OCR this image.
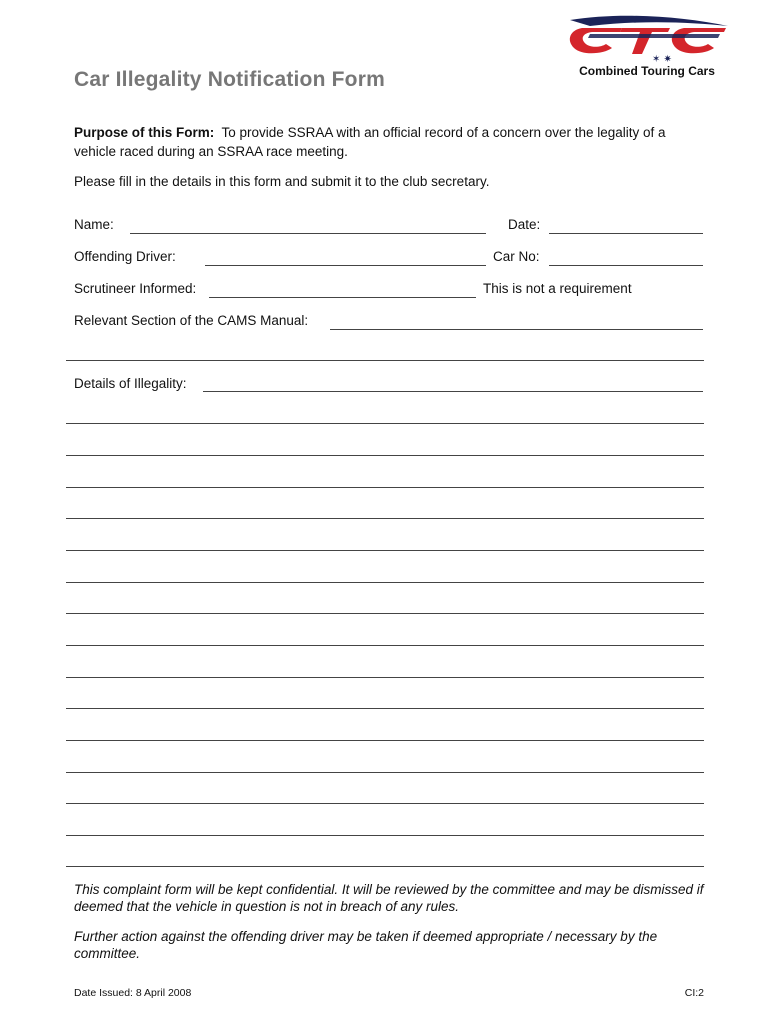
Car Illegality Notification Form
✶ ✷
Combined Touring Cars
Purpose of this Form: To provide SSRAA with an official record of a concern over the legality of a vehicle raced during an SSRAA race meeting.
Please fill in the details in this form and submit it to the club secretary.
Name:	Date:
Offending Driver:	Car No:
Scrutineer Informed:	This is not a requirement
Relevant Section of the CAMS Manual:
Details of Illegality:
This complaint form will be kept confidential. It will be reviewed by the committee and may be dismissed if deemed that the vehicle in question is not in breach of any rules.
Further action against the offending driver may be taken if deemed appropriate / necessary by the committee.
Date Issued: 8 April 2008	CI:2
